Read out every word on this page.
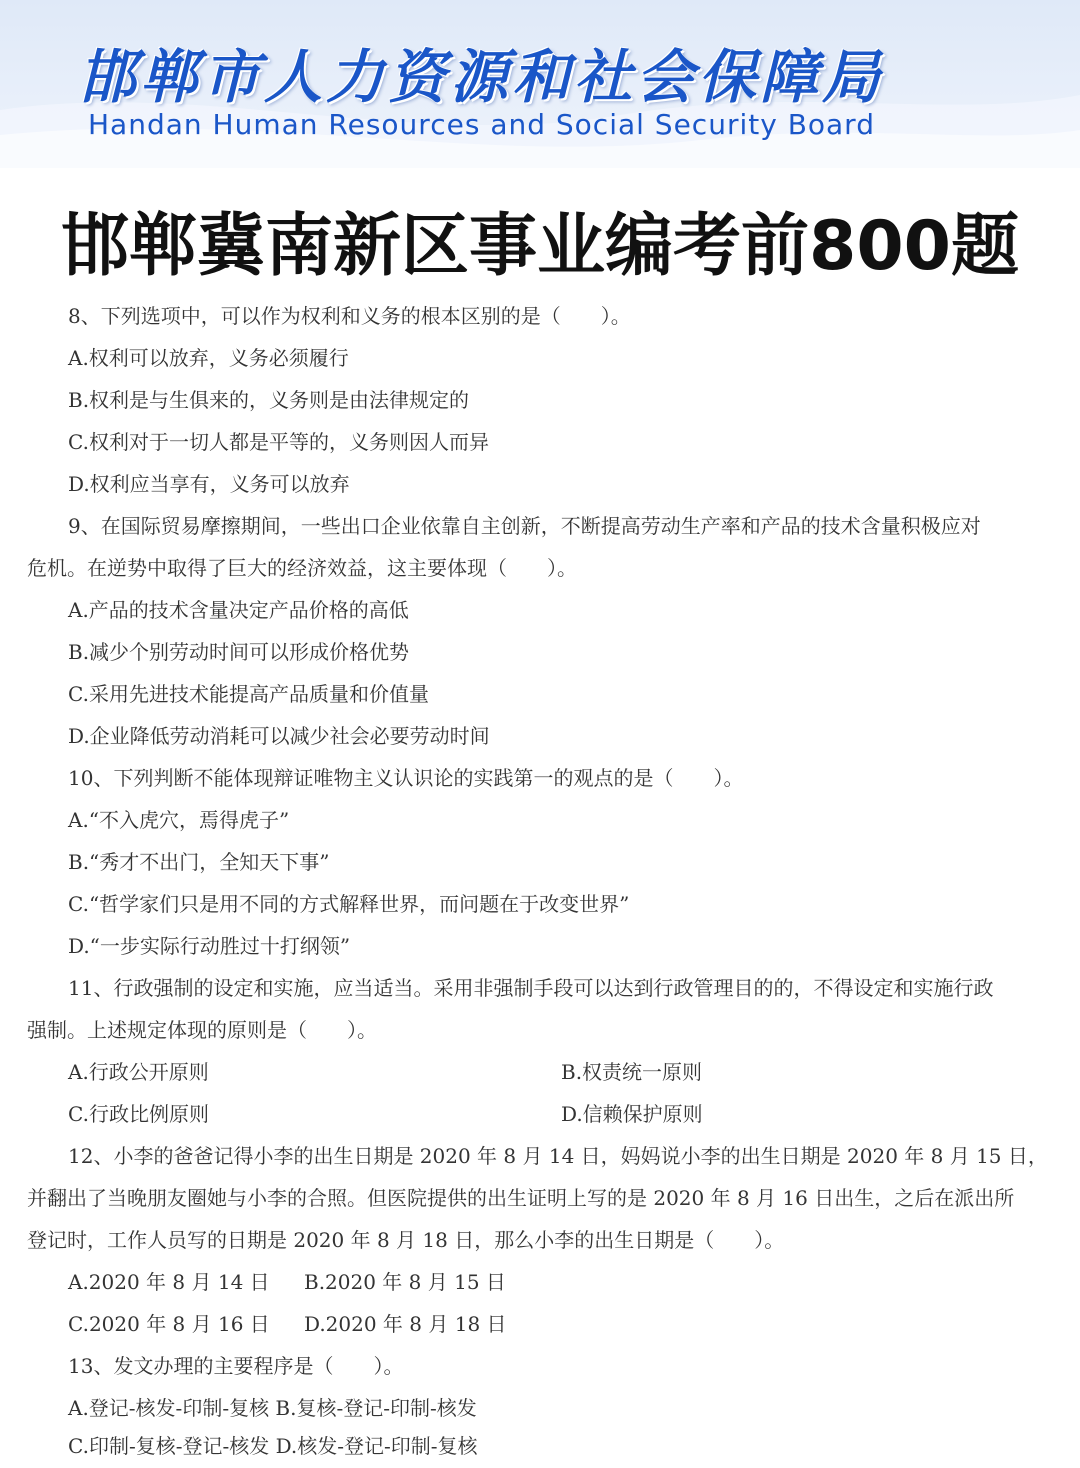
邯郸市人力资源和社会保障局
Handan Human Resources and Social Security Board
邯郸冀南新区事业编考前800题
8、下列选项中，可以作为权利和义务的根本区别的是（　　）。
A.权利可以放弃，义务必须履行
B.权利是与生俱来的，义务则是由法律规定的
C.权利对于一切人都是平等的，义务则因人而异
D.权利应当享有，义务可以放弃
9、在国际贸易摩擦期间，一些出口企业依靠自主创新，不断提高劳动生产率和产品的技术含量积极应对
危机。在逆势中取得了巨大的经济效益，这主要体现（　　）。
A.产品的技术含量决定产品价格的高低
B.减少个别劳动时间可以形成价格优势
C.采用先进技术能提高产品质量和价值量
D.企业降低劳动消耗可以减少社会必要劳动时间
10、下列判断不能体现辩证唯物主义认识论的实践第一的观点的是（　　）。
A.“不入虎穴，焉得虎子”
B.“秀才不出门，全知天下事”
C.“哲学家们只是用不同的方式解释世界，而问题在于改变世界”
D.“一步实际行动胜过十打纲领”
11、行政强制的设定和实施，应当适当。采用非强制手段可以达到行政管理目的的，不得设定和实施行政
强制。上述规定体现的原则是（　　）。
A.行政公开原则	B.权责统一原则
C.行政比例原则	D.信赖保护原则
12、小李的爸爸记得小李的出生日期是 2020 年 8 月 14 日，妈妈说小李的出生日期是 2020 年 8 月 15 日，
并翻出了当晚朋友圈她与小李的合照。但医院提供的出生证明上写的是 2020 年 8 月 16 日出生，之后在派出所
登记时，工作人员写的日期是 2020 年 8 月 18 日，那么小李的出生日期是（　　）。
A.2020 年 8 月 14 日 B.2020 年 8 月 15 日
C.2020 年 8 月 16 日 D.2020 年 8 月 18 日
13、发文办理的主要程序是（　　）。
A.登记-核发-印制-复核 B.复核-登记-印制-核发
C.印制-复核-登记-核发 D.核发-登记-印制-复核
